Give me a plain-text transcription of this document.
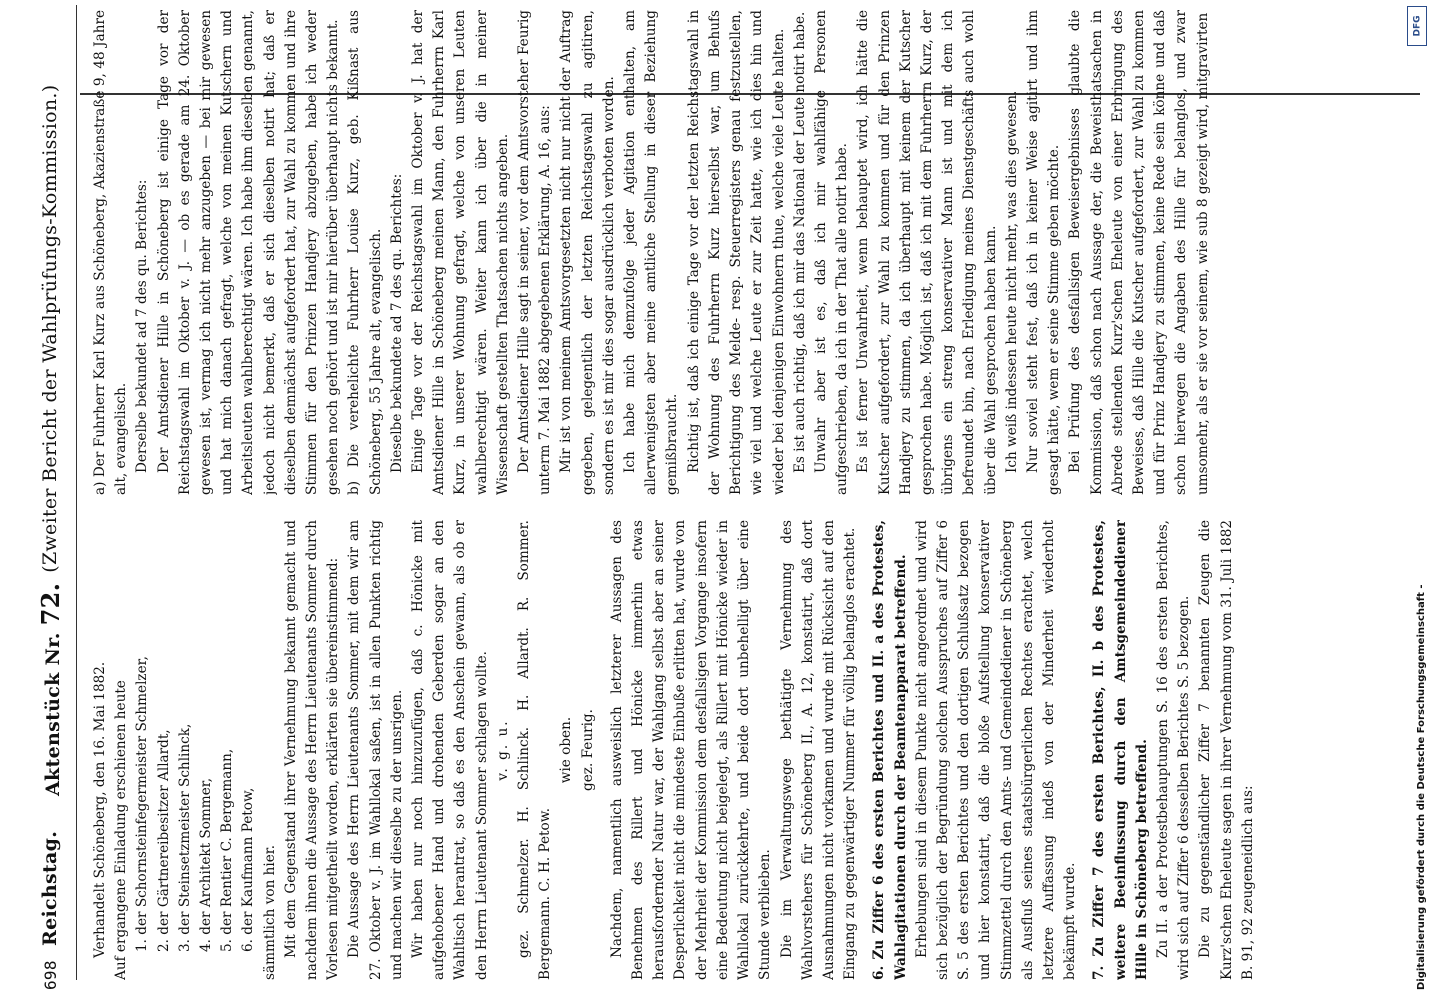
698
Reichstag.
Aktenstück Nr. 72.
(Zweiter Bericht der Wahlprüfungs-Kommission.)

Verhandelt Schöneberg, den 16. Mai 1882. Auf ergangene Einladung erschienen heute 1. der Schornsteinfegermeister Schmelzer, 2. der Gärtnereibesitzer Allardt, 3. der Steinsetzmeister Schlinck, 4. der Architekt Sommer, 5. der Rentier C. Bergemann, 6. der Kaufmann Petow, sämmtlich von hier. Mit dem Gegenstand ihrer Vernehmung bekannt gemacht und nachdem ihnen die Aussage des Herrn Lieutenants Sommer durch Vorlesen mitgetheilt worden, erklärten sie übereinstimmend: Die Aussage des Herrn Lieutenants Sommer, mit dem wir am 27. Oktober v. J. im Wahllokal saßen, ist in allen Punkten richtig und machen wir dieselbe zu der unsrigen. Wir haben nur noch hinzuzufügen, daß c. Hönicke mit aufgehobener Hand und drohenden Geberden sogar an den Wahltisch herantrat, so daß es den Anschein gewann, als ob er den Herrn Lieutenant Sommer schlagen wollte. v. g. u. gez. Schmelzer. H. Schlinck. H. Allardt. R. Sommer. Bergemann. C. H. Petow.

wie oben. gez. Feurig. Nachdem, namentlich ausweislich letzterer Aussagen des Benehmen des Rillert und Hönicke immerhin etwas herausfordernder Natur war, der Wahlgang selbst aber an seiner Desperlichkeit nicht die mindeste Einbuße erlitten hat, wurde von der Mehrheit der Kommission dem desfallsigen Vorgange insofern eine Bedeutung nicht beigelegt, als Rillert mit Hönicke wieder in Wahllokal zurückkehrte, und beide dort unbehelligt über eine Stunde verblieben. Die im Verwaltungswege bethätigte Vernehmung des Wahlvorstehers für Schöneberg II., A. 12, konstatirt, daß dort Ausnahmungen nicht vorkamen und wurde mit Rücksicht auf den Eingang zu gegenwärtiger Nummer für völlig belanglos erachtet. 6. Zu Ziffer 6 des ersten Berichtes und II. a des Protestes, Wahlagitationen durch der Beamtenapparat betreffend. Erhebungen sind in diesem Punkte nicht angeordnet und wird sich bezüglich der Begründung solchen Ausspruches auf Ziffer 6 S. 5 des ersten Berichtes und den dortigen Schlußsatz bezogen und hier konstatirt, daß die bloße Aufstellung konservativer Stimmzettel durch den Amts- und Gemeindediener in Schöneberg als Ausfluß seines staatsbürgerlichen Rechtes erachtet, welch letztere Auffassung indeß von der Minderheit wiederholt bekämpft wurde. 7. Zu Ziffer 7 des ersten Berichtes, II. b des Protestes, weitere Beeinflussung durch den Amtsgemeindediener Hille in Schöneberg betreffend. Zu II. a der Protestbehauptungen S. 16 des ersten Berichtes, wird sich auf Ziffer 6 desselben Berichtes S. 5 bezogen. Die zu gegenständlicher Ziffer 7 benannten Zeugen die Kurz'schen Eheleute sagen in ihrer Vernehmung vom 31. Juli 1882 B. 91, 92 zeugeneidlich aus:

a) Der Fuhrherr Karl Kurz aus Schöneberg, Akazienstraße 9, 48 Jahre alt, evangelisch. Derselbe bekundet ad 7 des qu. Berichtes: Der Amtsdiener Hille in Schöneberg ist einige Tage vor der Reichstagswahl im Oktober v. J. — ob es gerade am 24. Oktober gewesen ist, vermag ich nicht mehr anzugeben — bei mir gewesen und hat mich danach gefragt, welche von meinen Kutschern und Arbeitsleuten wahlberechtigt wären. Ich habe ihm dieselben genannt, jedoch nicht bemerkt, daß er sich dieselben notirt hat; daß er dieselben demnächst aufgefordert hat, zur Wahl zu kommen und ihre Stimmen für den Prinzen Handjery abzugeben, habe ich weder gesehen noch gehört und ist mir hierüber überhaupt nichts bekannt. b) Die verehelichte Fuhrherr Louise Kurz, geb. Kißnast aus Schöneberg, 55 Jahre alt, evangelisch. Dieselbe bekundete ad 7 des qu. Berichtes: Einige Tage vor der Reichstagswahl im Oktober v. J. hat der Amtsdiener Hille in Schöneberg meinen Mann, den Fuhrherrn Karl Kurz, in unserer Wohnung gefragt, welche von unseren Leuten wahlberechtigt wären. Weiter kann ich über die in meiner Wissenschaft gestellten Thatsachen nichts angeben. Der Amtsdiener Hille sagt in seiner, vor dem Amtsvorsteher Feurig unterm 7. Mai 1882 abgegebenen Erklärung, A. 16, aus: Mir ist von meinem Amtsvorgesetzten nicht nur nicht der Auftrag gegeben, gelegentlich der letzten Reichstagswahl zu agitiren, sondern es ist mir dies sogar ausdrücklich verboten worden. Ich habe mich demzufolge jeder Agitation enthalten, am allerwenigsten aber meine amtliche Stellung in dieser Beziehung gemißbraucht. Richtig ist, daß ich einige Tage vor der letzten Reichstagswahl in der Wohnung des Fuhrherrn Kurz hierselbst war, um Behufs Berichtigung des Melde- resp. Steuerregisters genau festzustellen, wie viel und welche Leute er zur Zeit hatte, wie ich dies hin und wieder bei denjenigen Einwohnern thue, welche viele Leute halten. Es ist auch richtig, daß ich mir das National der Leute notirt habe. Unwahr aber ist es, daß ich mir wahlfähige Personen aufgeschrieben, da ich in der That alle notirt habe. Es ist ferner Unwahrheit, wenn behauptet wird, ich hätte die Kutscher aufgefordert, zur Wahl zu kommen und für den Prinzen Handjery zu stimmen, da ich überhaupt mit keinem der Kutscher gesprochen habe. Möglich ist, daß ich mit dem Fuhrherrn Kurz, der übrigens ein streng konservativer Mann ist und mit dem ich befreundet bin, nach Erledigung meines Dienstgeschäfts auch wohl über die Wahl gesprochen haben kann. Ich weiß indessen heute nicht mehr, was dies gewesen. Nur soviel steht fest, daß ich in keiner Weise agitirt und ihm gesagt hätte, wem er seine Stimme geben möchte. Bei Prüfung des desfallsigen Beweisergebnisses glaubte die Kommission, daß schon nach Aussage der, die Beweisthatsachen in Abrede stellenden Kurz'schen Eheleute von einer Erbringung des Beweises, daß Hille die Kutscher aufgefordert, zur Wahl zu kommen und für Prinz Handjery zu stimmen, keine Rede sein könne und daß schon hierwegen die Angaben des Hille für belanglos, und zwar umsomehr, als er sie vor seinem, wie sub 8 gezeigt wird, mitgravirten	DFG
Digitalisierung gefördert durch die Deutsche Forschungsgemeinschaft -
